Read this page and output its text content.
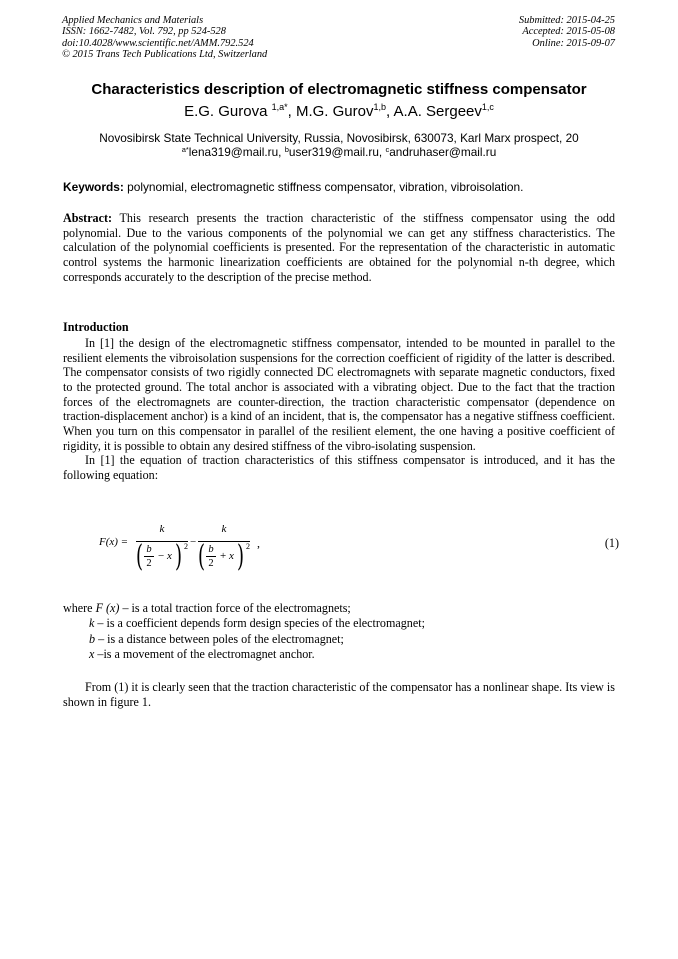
Applied Mechanics and Materials
ISSN: 1662-7482, Vol. 792, pp 524-528
doi:10.4028/www.scientific.net/AMM.792.524
© 2015 Trans Tech Publications Ltd, Switzerland
Submitted: 2015-04-25
Accepted: 2015-05-08
Online: 2015-09-07
Characteristics description of electromagnetic stiffness compensator
E.G. Gurova $^{1,a*}$, M.G. Gurov$^{1,b}$, A.A. Sergeev$^{1,c}$
Novosibirsk State Technical University, Russia, Novosibirsk, 630073, Karl Marx prospect, 20
$^{a*}$lena319@mail.ru, $^b$user319@mail.ru, $^c$andruhaser@mail.ru
Keywords: polynomial, electromagnetic stiffness compensator, vibration, vibroisolation.

Abstract: This research presents the traction characteristic of the stiffness compensator using the odd polynomial. Due to the various components of the polynomial we can get any stiffness characteristics. The calculation of the polynomial coefficients is presented. For the representation of the characteristic in automatic control systems the harmonic linearization coefficients are obtained for the polynomial n-th degree, which corresponds accurately to the description of the precise method.

Introduction

In [1] the design of the electromagnetic stiffness compensator, intended to be mounted in parallel to the resilient elements the vibroisolation suspensions for the correction coefficient of rigidity of the latter is described. The compensator consists of two rigidly connected DC electromagnets with separate magnetic conductors, fixed to the protected ground. The total anchor is associated with a vibrating object. Due to the fact that the traction forces of the electromagnets are counter-direction, the traction characteristic compensator (dependence on traction-displacement anchor) is a kind of an incident, that is, the compensator has a negative stiffness coefficient. When you turn on this compensator in parallel of the resilient element, the one having a positive coefficient of rigidity, it is possible to obtain any desired stiffness of the vibro-isolating suspension.

In [1] the equation of traction characteristics of this stiffness compensator is introduced, and it has the following equation:

F(x) =
k
( b
2
− x ) 2 −
k
( b
2
+ x ) 2 ,	(1)
where F (x) – is a total traction force of the electromagnets;
k – is a coefficient depends form design species of the electromagnet;
b – is a distance between poles of the electromagnet;
x –is a movement of the electromagnet anchor.

From (1) it is clearly seen that the traction characteristic of the compensator has a nonlinear shape. Its view is shown in figure 1.
